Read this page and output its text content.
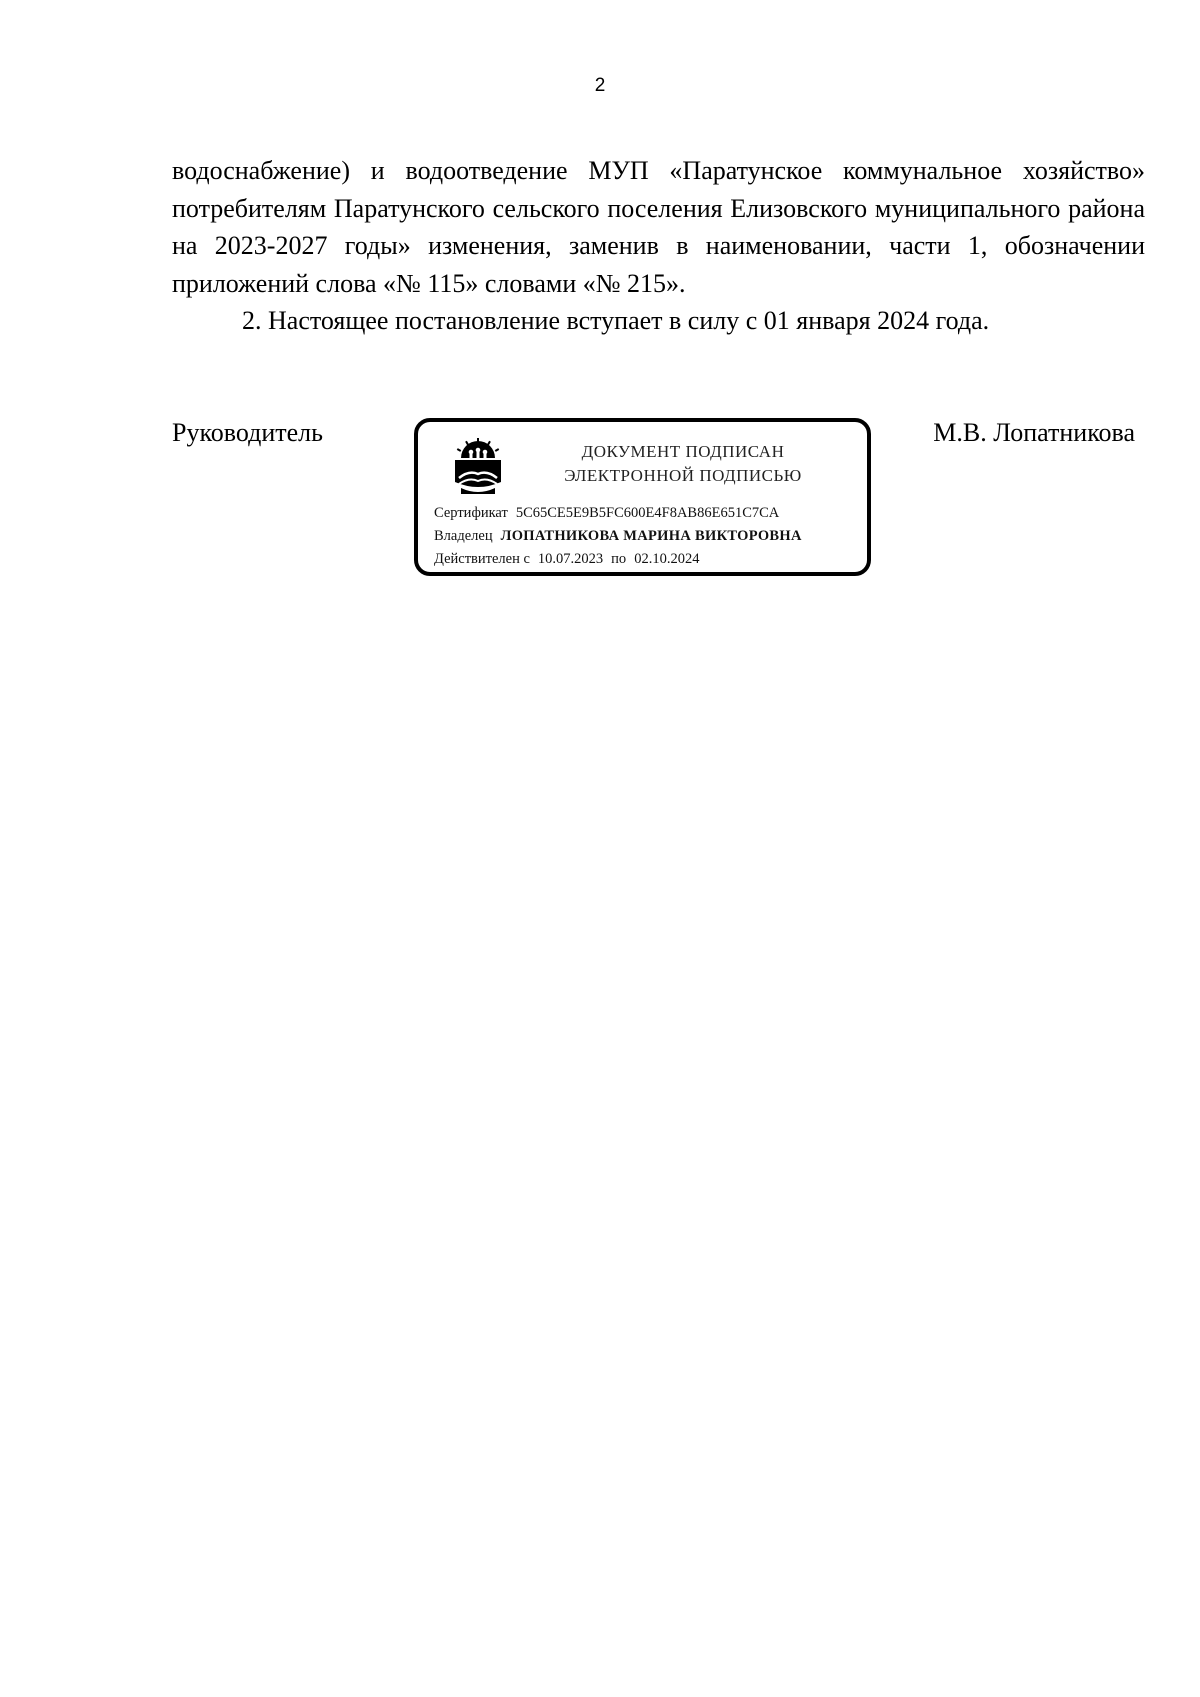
2

водоснабжение) и водоотведение МУП «Паратунское коммунальное хозяйство» потребителям Паратунского сельского поселения Елизовского муниципального района на 2023-2027 годы» изменения, заменив в наименовании, части 1, обозначении приложений слова «№ 115» словами «№ 215».

2. Настоящее постановление вступает в силу с 01 января 2024 года.

Руководитель	М.В. Лопатникова
ДОКУМЕНТ ПОДПИСАН
ЭЛЕКТРОННОЙ ПОДПИСЬЮ
Сертификат 5C65CE5E9B5FC600E4F8AB86E651C7CA
Владелец ЛОПАТНИКОВА МАРИНА ВИКТОРОВНА
Действителен с 10.07.2023 по 02.10.2024
